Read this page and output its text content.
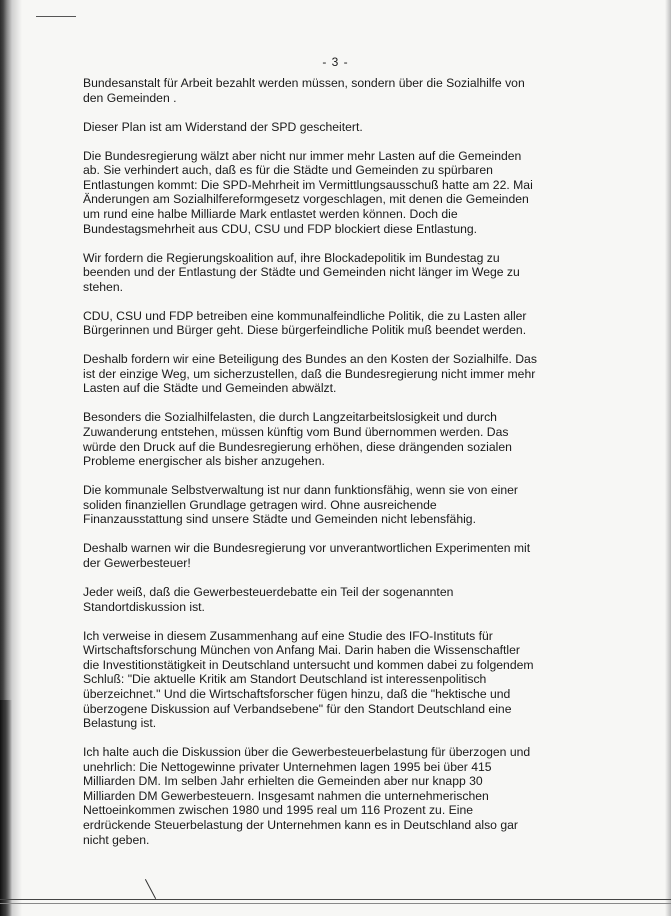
- 3 -

Bundesanstalt für Arbeit bezahlt werden müssen, sondern über die Sozialhilfe von
den Gemeinden .

Dieser Plan ist am Widerstand der SPD gescheitert.

Die Bundesregierung wälzt aber nicht nur immer mehr Lasten auf die Gemeinden
ab. Sie verhindert auch, daß es für die Städte und Gemeinden zu spürbaren
Entlastungen kommt: Die SPD-Mehrheit im Vermittlungsausschuß hatte am 22. Mai
Änderungen am Sozialhilfereformgesetz vorgeschlagen, mit denen die Gemeinden
um rund eine halbe Milliarde Mark entlastet werden können. Doch die
Bundestagsmehrheit aus CDU, CSU und FDP blockiert diese Entlastung.

Wir fordern die Regierungskoalition auf, ihre Blockadepolitik im Bundestag zu
beenden und der Entlastung der Städte und Gemeinden nicht länger im Wege zu
stehen.

CDU, CSU und FDP betreiben eine kommunalfeindliche Politik, die zu Lasten aller
Bürgerinnen und Bürger geht. Diese bürgerfeindliche Politik muß beendet werden.

Deshalb fordern wir eine Beteiligung des Bundes an den Kosten der Sozialhilfe. Das
ist der einzige Weg, um sicherzustellen, daß die Bundesregierung nicht immer mehr
Lasten auf die Städte und Gemeinden abwälzt.

Besonders die Sozialhilfelasten, die durch Langzeitarbeitslosigkeit und durch
Zuwanderung entstehen, müssen künftig vom Bund übernommen werden. Das
würde den Druck auf die Bundesregierung erhöhen, diese drängenden sozialen
Probleme energischer als bisher anzugehen.

Die kommunale Selbstverwaltung ist nur dann funktionsfähig, wenn sie von einer
soliden finanziellen Grundlage getragen wird. Ohne ausreichende
Finanzausstattung sind unsere Städte und Gemeinden nicht lebensfähig.

Deshalb warnen wir die Bundesregierung vor unverantwortlichen Experimenten mit
der Gewerbesteuer!

Jeder weiß, daß die Gewerbesteuerdebatte ein Teil der sogenannten
Standortdiskussion ist.

Ich verweise in diesem Zusammenhang auf eine Studie des IFO-Instituts für
Wirtschaftsforschung München von Anfang Mai. Darin haben die Wissenschaftler
die Investitionstätigkeit in Deutschland untersucht und kommen dabei zu folgendem
Schluß: "Die aktuelle Kritik am Standort Deutschland ist interessenpolitisch
überzeichnet." Und die Wirtschaftsforscher fügen hinzu, daß die "hektische und
überzogene Diskussion auf Verbandsebene" für den Standort Deutschland eine
Belastung ist.

Ich halte auch die Diskussion über die Gewerbesteuerbelastung für überzogen und
unehrlich: Die Nettogewinne privater Unternehmen lagen 1995 bei über 415
Milliarden DM. Im selben Jahr erhielten die Gemeinden aber nur knapp 30
Milliarden DM Gewerbesteuern. Insgesamt nahmen die unternehmerischen
Nettoeinkommen zwischen 1980 und 1995 real um 116 Prozent zu. Eine
erdrückende Steuerbelastung der Unternehmen kann es in Deutschland also gar
nicht geben.
